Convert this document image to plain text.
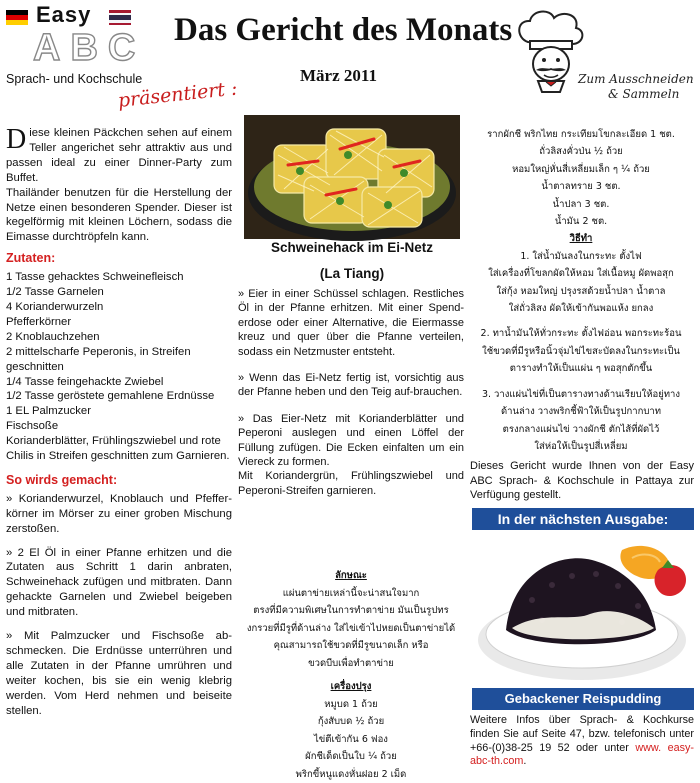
Easy
ABC
Sprach- und Kochschule
präsentiert :
Das Gericht des Monats
März 2011	Zum Ausschneiden
& Sammeln
Diese kleinen Päckchen sehen auf einem Teller angerichet sehr attraktiv aus und passen ideal zu einer Dinner-Party zum Buffet.
Thailänder benutzen für die Herstellung der Netze einen besonderen Spender. Dieser ist kegelförmig mit kleinen Löchern, sodass die Eimasse durchtröpfeln kann.
Zutaten:
1 Tasse gehacktes Schweinefleisch
1/2 Tasse Garnelen
4 Korianderwurzeln
Pfefferkörner
2 Knoblauchzehen
2 mittelscharfe Peperonis, in Streifen geschnitten
1/4 Tasse feingehackte Zwiebel
1/2 Tasse geröstete gemahlene Erdnüsse
1 EL Palmzucker
Fischsoße
Korianderblätter, Frühlingszwiebel und rote Chilis in Streifen geschnitten zum Garnieren.
So wirds gemacht:
» Korianderwurzel, Knoblauch und Pfeffer-körner im Mörser zu einer groben Mischung zerstoßen.
» 2 El Öl in einer Pfanne erhitzen und die Zutaten aus Schritt 1 darin anbraten, Schweinehack zufügen und mitbraten. Dann gehackte Garnelen und Zwiebel beigeben und mitbraten.
» Mit Palmzucker und Fischsoße ab-schmecken. Die Erdnüsse unterrühren und alle Zutaten in der Pfanne umrühren und weiter kochen, bis sie ein wenig klebrig werden. Vom Herd nehmen und beiseite stellen.
Schweinehack im Ei-Netz
(La Tiang)

» Eier in einer Schüssel schlagen. Restliches Öl in der Pfanne erhitzen. Mit einer Spend-erdose oder einer Alternative, die Eiermasse kreuz und quer über die Pfanne verteilen, sodass ein Netzmuster entsteht.

» Wenn das Ei-Netz fertig ist, vorsichtig aus der Pfanne heben und den Teig auf-brauchen.

» Das Eier-Netz mit Korianderblätter und Peperoni auslegen und einen Löffel der Füllung zufügen. Die Ecken einfalten um ein Viereck zu formen.

Mit Koriandergrün, Frühlingszwiebel und Peperoni-Streifen garnieren.

ลักษณะ
แผ่นตาข่ายเหล่านี้จะน่าสนใจมาก
ตรงที่มีความพิเศษในการทำตาข่าย มันเป็นรูปทร
งกรวยที่มีรูที่ด้านล่าง ใส่ไข่เข้าไปหยดเป็นตาข่ายได้
คุณสามารถใช้ขวดที่มีรูขนาดเล็ก หรือ
ขวดบีบเพื่อทำตาข่าย
เครื่องปรุง
หมูบด 1 ถ้วย
กุ้งสับบด ½ ถ้วย
ไข่ตีเข้ากัน 6 ฟอง
ผักชีเด็ดเป็นใบ ¼ ถ้วย
พริกขี้หนูแดงหั่นฝอย 2 เม็ด
รากผักชี พริกไทย กระเทียมโขกละเอียด 1 ชต.
ถั่วลิสงคั่วป่น ½ ถ้วย
หอมใหญ่หั่นสี่เหลี่ยมเล็ก ๆ ¼ ถ้วย
น้ำตาลทราย 3 ชต.
น้ำปลา 3 ชต.
น้ำมัน 2 ชต.
วิธีทำ
1. ใส่น้ำมันลงในกระทะ ตั้งไฟ
ใส่เครื่องที่โขลกผัดให้หอม ใส่เนื้อหมู ผัดพอสุก
ใส่กุ้ง หอมใหญ่ ปรุงรสด้วยน้ำปลา น้ำตาล
ใส่ถั่วลิสง ผัดให้เข้ากันพอแห้ง ยกลง
2. ทาน้ำมันให้ทั่วกระทะ ตั้งไฟอ่อน พอกระทะร้อน
ใช้ขวดที่มีรูหรือนิ้วจุ่มไข่ไขสะบัดลงในกระทะเป็น
ตารางทำให้เป็นแผ่น ๆ พอสุกตักขึ้น
3. วางแผ่นไข่ที่เป็นตารางทางด้านเรียบให้อยู่ทาง
ด้านล่าง วางพริกชี้ฟ้าให้เป็นรูปกากบาท
ตรงกลางแผ่นไข่ วางผักชี ตักไส้ที่ผัดไว้
ใส่ห่อให้เป็นรูปสี่เหลี่ยม
Dieses Gericht wurde Ihnen von der Easy ABC Sprach- & Kochschule in Pattaya zur Verfügung gestellt.
In der nächsten Ausgabe:
Gebackener Reispudding
Weitere Infos über Sprach- & Kochkurse finden Sie auf Seite 47, bzw. telefonisch unter +66-(0)38-25 19 52 oder unter www. easy-abc-th.com.
